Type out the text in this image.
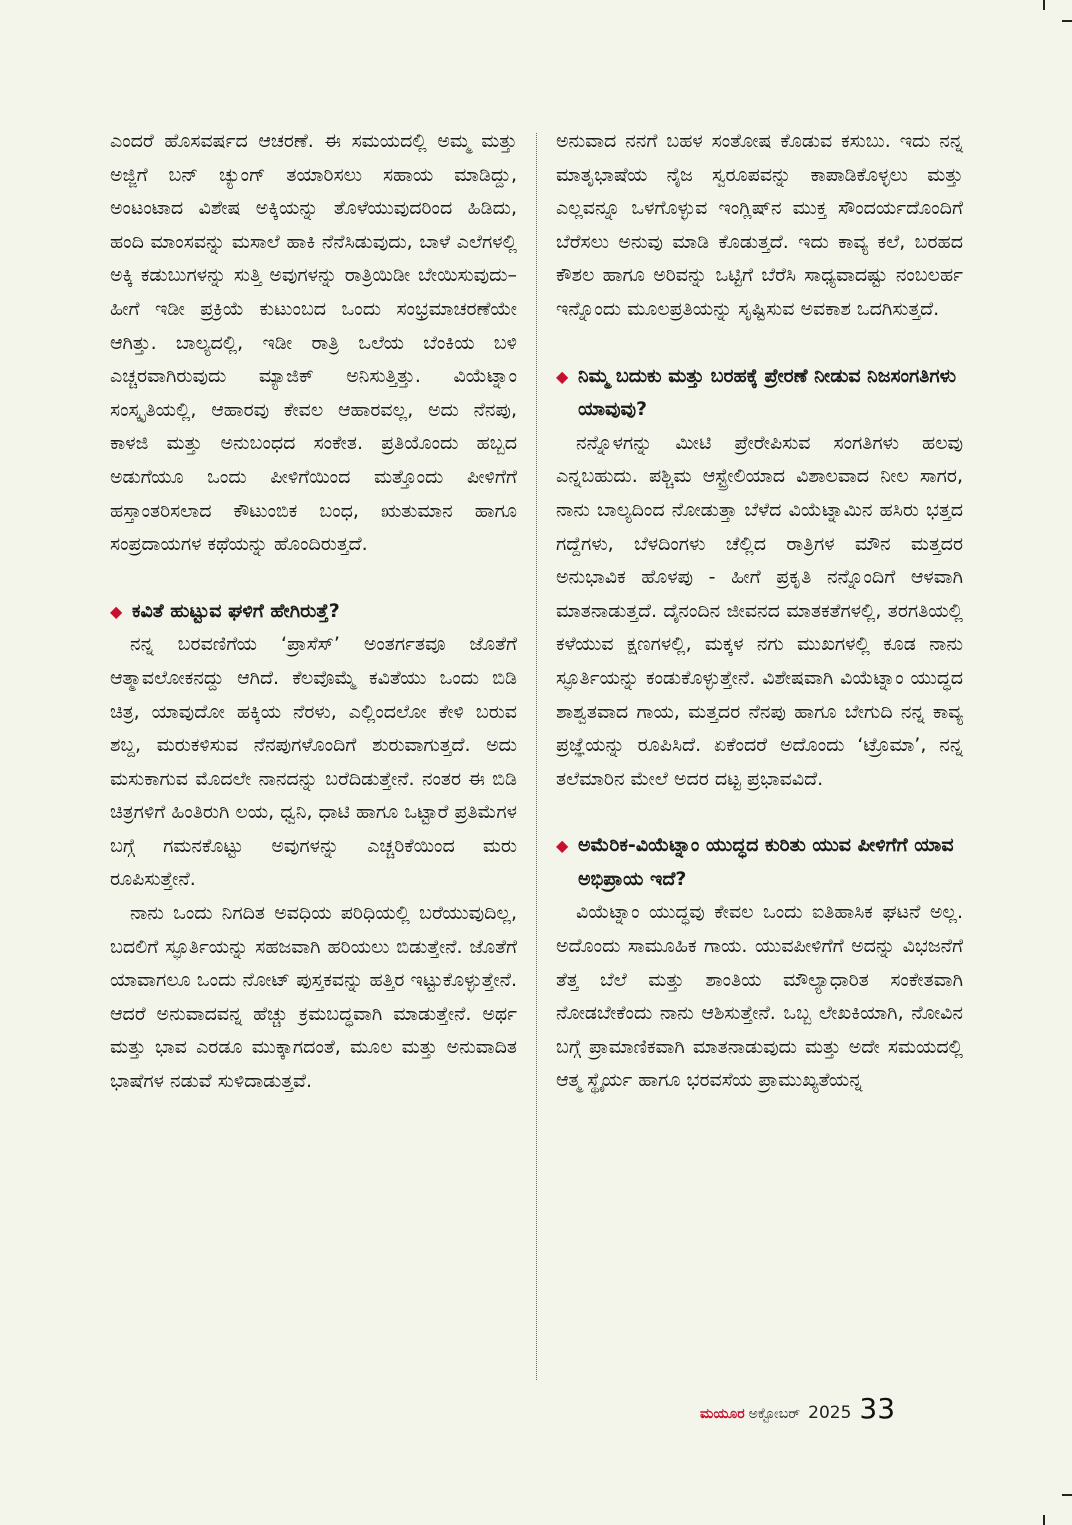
ಎಂದರೆ ಹೊಸವರ್ಷದ ಆಚರಣೆ. ಈ ಸಮಯದಲ್ಲಿ ಅಮ್ಮ ಮತ್ತು ಅಜ್ಜಿಗೆ ಬನ್ ಚ್ಯುಂಗ್ ತಯಾರಿಸಲು ಸಹಾಯ ಮಾಡಿದ್ದು, ಅಂಟಂಟಾದ ವಿಶೇಷ ಅಕ್ಕಿಯನ್ನು ತೊಳೆಯುವುದರಿಂದ ಹಿಡಿದು, ಹಂದಿ ಮಾಂಸವನ್ನು ಮಸಾಲೆ ಹಾಕಿ ನೆನೆಸಿಡುವುದು, ಬಾಳೆ ಎಲೆಗಳಲ್ಲಿ ಅಕ್ಕಿ ಕಡುಬುಗಳನ್ನು ಸುತ್ತಿ ಅವುಗಳನ್ನು ರಾತ್ರಿಯಿಡೀ ಬೇಯಿಸುವುದು– ಹೀಗೆ ಇಡೀ ಪ್ರಕ್ರಿಯೆ ಕುಟುಂಬದ ಒಂದು ಸಂಭ್ರಮಾಚರಣೆಯೇ ಆಗಿತ್ತು. ಬಾಲ್ಯದಲ್ಲಿ, ಇಡೀ ರಾತ್ರಿ ಒಲೆಯ ಬೆಂಕಿಯ ಬಳಿ ಎಚ್ಚರವಾಗಿರುವುದು ಮ್ಯಾಜಿಕ್ ಅನಿಸುತ್ತಿತ್ತು. ವಿಯೆಟ್ನಾಂ ಸಂಸ್ಕೃತಿಯಲ್ಲಿ, ಆಹಾರವು ಕೇವಲ ಆಹಾರವಲ್ಲ, ಅದು ನೆನಪು, ಕಾಳಜಿ ಮತ್ತು ಅನುಬಂಧದ ಸಂಕೇತ. ಪ್ರತಿಯೊಂದು ಹಬ್ಬದ ಅಡುಗೆಯೂ ಒಂದು ಪೀಳಿಗೆಯಿಂದ ಮತ್ತೊಂದು ಪೀಳಿಗೆಗೆ ಹಸ್ತಾಂತರಿಸಲಾದ ಕೌಟುಂಬಿಕ ಬಂಧ, ಋತುಮಾನ ಹಾಗೂ ಸಂಪ್ರದಾಯಗಳ ಕಥೆಯನ್ನು ಹೊಂದಿರುತ್ತದೆ.

◆ ಕವಿತೆ ಹುಟ್ಟುವ ಘಳಿಗೆ ಹೇಗಿರುತ್ತೆ?

ನನ್ನ ಬರವಣಿಗೆಯ ‘ಪ್ರಾಸೆಸ್’ ಅಂತರ್ಗತವೂ ಜೊತೆಗೆ ಆತ್ಮಾವಲೋಕನದ್ದು ಆಗಿದೆ. ಕೆಲವೊಮ್ಮೆ ಕವಿತೆಯು ಒಂದು ಬಿಡಿ ಚಿತ್ರ, ಯಾವುದೋ ಹಕ್ಕಿಯ ನೆರಳು, ಎಲ್ಲಿಂದಲೋ ಕೇಳಿ ಬರುವ ಶಬ್ದ, ಮರುಕಳಿಸುವ ನೆನಪುಗಳೊಂದಿಗೆ ಶುರುವಾಗುತ್ತದೆ. ಅದು ಮಸುಕಾಗುವ ಮೊದಲೇ ನಾನದನ್ನು ಬರೆದಿಡುತ್ತೇನೆ. ನಂತರ ಈ ಬಿಡಿ ಚಿತ್ರಗಳಿಗೆ ಹಿಂತಿರುಗಿ ಲಯ, ಧ್ವನಿ, ಧಾಟಿ ಹಾಗೂ ಒಟ್ಟಾರೆ ಪ್ರತಿಮೆಗಳ ಬಗ್ಗೆ ಗಮನಕೊಟ್ಟು ಅವುಗಳನ್ನು ಎಚ್ಚರಿಕೆಯಿಂದ ಮರು ರೂಪಿಸುತ್ತೇನೆ.

ನಾನು ಒಂದು ನಿಗದಿತ ಅವಧಿಯ ಪರಿಧಿಯಲ್ಲಿ ಬರೆಯುವುದಿಲ್ಲ, ಬದಲಿಗೆ ಸ್ಫೂರ್ತಿಯನ್ನು ಸಹಜವಾಗಿ ಹರಿಯಲು ಬಿಡುತ್ತೇನೆ. ಜೊತೆಗೆ ಯಾವಾಗಲೂ ಒಂದು ನೋಟ್ ಪುಸ್ತಕವನ್ನು ಹತ್ತಿರ ಇಟ್ಟುಕೊಳ್ಳುತ್ತೇನೆ. ಆದರೆ ಅನುವಾದವನ್ನ ಹೆಚ್ಚು ಕ್ರಮಬದ್ಧವಾಗಿ ಮಾಡುತ್ತೇನೆ. ಅರ್ಥ ಮತ್ತು ಭಾವ ಎರಡೂ ಮುಕ್ಕಾಗದಂತೆ, ಮೂಲ ಮತ್ತು ಅನುವಾದಿತ ಭಾಷೆಗಳ ನಡುವೆ ಸುಳಿದಾಡುತ್ತವೆ.

ಅನುವಾದ ನನಗೆ ಬಹಳ ಸಂತೋಷ ಕೊಡುವ ಕಸುಬು. ಇದು ನನ್ನ ಮಾತೃಭಾಷೆಯ ನೈಜ ಸ್ವರೂಪವನ್ನು ಕಾಪಾಡಿಕೊಳ್ಳಲು ಮತ್ತು ಎಲ್ಲವನ್ನೂ ಒಳಗೊಳ್ಳುವ ಇಂಗ್ಲಿಷ್‌ನ ಮುಕ್ತ ಸೌಂದರ್ಯದೊಂದಿಗೆ ಬೆರೆಸಲು ಅನುವು ಮಾಡಿ ಕೊಡುತ್ತದೆ. ಇದು ಕಾವ್ಯ ಕಲೆ, ಬರಹದ ಕೌಶಲ ಹಾಗೂ ಅರಿವನ್ನು ಒಟ್ಟಿಗೆ ಬೆರೆಸಿ ಸಾಧ್ಯವಾದಷ್ಟು ನಂಬಲರ್ಹ ಇನ್ನೊಂದು ಮೂಲಪ್ರತಿಯನ್ನು ಸೃಷ್ಟಿಸುವ ಅವಕಾಶ ಒದಗಿಸುತ್ತದೆ.

◆ ನಿಮ್ಮ ಬದುಕು ಮತ್ತು ಬರಹಕ್ಕೆ ಪ್ರೇರಣೆ ನೀಡುವ ನಿಜಸಂಗತಿಗಳು ಯಾವುವು?

ನನ್ನೊಳಗನ್ನು ಮೀಟಿ ಪ್ರೇರೇಪಿಸುವ ಸಂಗತಿಗಳು ಹಲವು ಎನ್ನಬಹುದು. ಪಶ್ಚಿಮ ಆಸ್ಟ್ರೇಲಿಯಾದ ವಿಶಾಲವಾದ ನೀಲ ಸಾಗರ, ನಾನು ಬಾಲ್ಯದಿಂದ ನೋಡುತ್ತಾ ಬೆಳೆದ ವಿಯೆಟ್ನಾಮಿನ ಹಸಿರು ಭತ್ತದ ಗದ್ದೆಗಳು, ಬೆಳದಿಂಗಳು ಚೆಲ್ಲಿದ ರಾತ್ರಿಗಳ ಮೌನ ಮತ್ತದರ ಅನುಭಾವಿಕ ಹೊಳಪು - ಹೀಗೆ ಪ್ರಕೃತಿ ನನ್ನೊಂದಿಗೆ ಆಳವಾಗಿ ಮಾತನಾಡುತ್ತದೆ. ದೈನಂದಿನ ಜೀವನದ ಮಾತಕತೆಗಳಲ್ಲಿ, ತರಗತಿಯಲ್ಲಿ ಕಳೆಯುವ ಕ್ಷಣಗಳಲ್ಲಿ, ಮಕ್ಕಳ ನಗು ಮುಖಗಳಲ್ಲಿ ಕೂಡ ನಾನು ಸ್ಫೂರ್ತಿಯನ್ನು ಕಂಡುಕೊಳ್ಳುತ್ತೇನೆ. ವಿಶೇಷವಾಗಿ ವಿಯೆಟ್ನಾಂ ಯುದ್ಧದ ಶಾಶ್ವತವಾದ ಗಾಯ, ಮತ್ತದರ ನೆನಪು ಹಾಗೂ ಬೇಗುದಿ ನನ್ನ ಕಾವ್ಯ ಪ್ರಜ್ಞೆಯನ್ನು ರೂಪಿಸಿದೆ. ಏಕೆಂದರೆ ಅದೊಂದು ‘ಟ್ರೊಮಾ’, ನನ್ನ ತಲೆಮಾರಿನ ಮೇಲೆ ಅದರ ದಟ್ಟ ಪ್ರಭಾವವಿದೆ.

◆ ಅಮೆರಿಕ-ವಿಯೆಟ್ನಾಂ ಯುದ್ಧದ ಕುರಿತು ಯುವ ಪೀಳಿಗೆಗೆ ಯಾವ ಅಭಿಪ್ರಾಯ ಇದೆ?

ವಿಯೆಟ್ನಾಂ ಯುದ್ಧವು ಕೇವಲ ಒಂದು ಐತಿಹಾಸಿಕ ಘಟನೆ ಅಲ್ಲ. ಅದೊಂದು ಸಾಮೂಹಿಕ ಗಾಯ. ಯುವಪೀಳಿಗೆಗೆ ಅದನ್ನು ವಿಭಜನೆಗೆ ತೆತ್ತ ಬೆಲೆ ಮತ್ತು ಶಾಂತಿಯ ಮೌಲ್ಯಾಧಾರಿತ ಸಂಕೇತವಾಗಿ ನೋಡಬೇಕೆಂದು ನಾನು ಆಶಿಸುತ್ತೇನೆ. ಒಬ್ಬ ಲೇಖಕಿಯಾಗಿ, ನೋವಿನ ಬಗ್ಗೆ ಪ್ರಾಮಾಣಿಕವಾಗಿ ಮಾತನಾಡುವುದು ಮತ್ತು ಅದೇ ಸಮಯದಲ್ಲಿ ಆತ್ಮ ಸ್ಥೈರ್ಯ ಹಾಗೂ ಭರವಸೆಯ ಪ್ರಾಮುಖ್ಯತೆಯನ್ನ

ಮಯೂರ ಅಕ್ಟೋಬರ್ 2025 33
